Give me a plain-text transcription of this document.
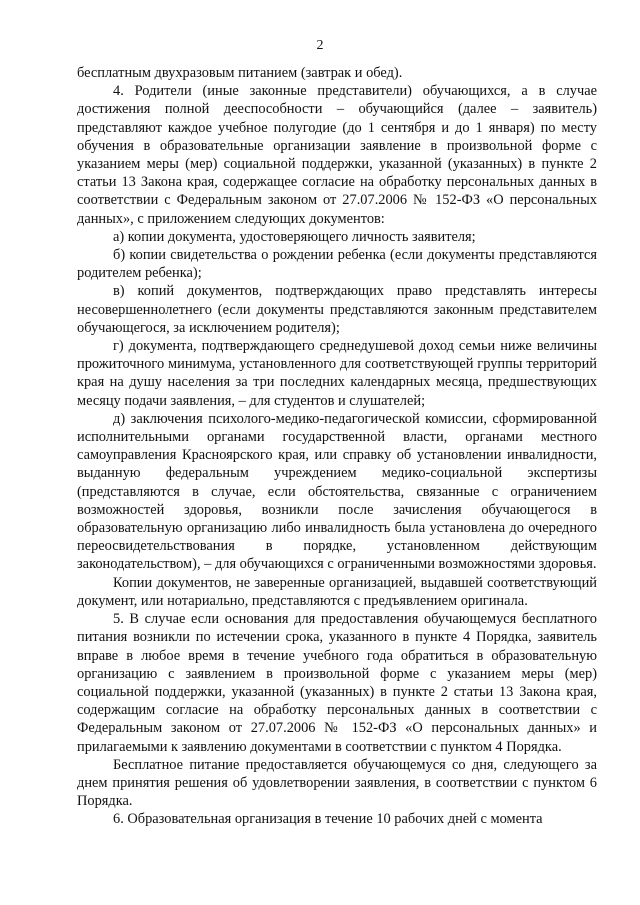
2

бесплатным двухразовым питанием (завтрак и обед).

4. Родители (иные законные представители) обучающихся, а в случае достижения полной дееспособности – обучающийся (далее – заявитель) представляют каждое учебное полугодие (до 1 сентября и до 1 января) по месту обучения в образовательные организации заявление в произвольной форме с указанием меры (мер) социальной поддержки, указанной (указанных) в пункте 2 статьи 13 Закона края, содержащее согласие на обработку персональных данных в соответствии с Федеральным законом от 27.07.2006 № 152-ФЗ «О персональных данных», с приложением следующих документов:

а) копии документа, удостоверяющего личность заявителя;

б) копии свидетельства о рождении ребенка (если документы представляются родителем ребенка);

в) копий документов, подтверждающих право представлять интересы несовершеннолетнего (если документы представляются законным представителем обучающегося, за исключением родителя);

г) документа, подтверждающего среднедушевой доход семьи ниже величины прожиточного минимума, установленного для соответствующей группы территорий края на душу населения за три последних календарных месяца, предшествующих месяцу подачи заявления, – для студентов и слушателей;

д) заключения психолого-медико-педагогической комиссии, сформированной исполнительными органами государственной власти, органами местного самоуправления Красноярского края, или справку об установлении инвалидности, выданную федеральным учреждением медико-социальной экспертизы (представляются в случае, если обстоятельства, связанные с ограничением возможностей здоровья, возникли после зачисления обучающегося в образовательную организацию либо инвалидность была установлена до очередного переосвидетельствования в порядке, установленном действующим законодательством), – для обучающихся с ограниченными возможностями здоровья.

Копии документов, не заверенные организацией, выдавшей соответствующий документ, или нотариально, представляются с предъявлением оригинала.

5. В случае если основания для предоставления обучающемуся бесплатного питания возникли по истечении срока, указанного в пункте 4 Порядка, заявитель вправе в любое время в течение учебного года обратиться в образовательную организацию с заявлением в произвольной форме с указанием меры (мер) социальной поддержки, указанной (указанных) в пункте 2 статьи 13 Закона края, содержащим согласие на обработку персональных данных в соответствии с Федеральным законом от 27.07.2006 № 152-ФЗ «О персональных данных» и прилагаемыми к заявлению документами в соответствии с пунктом 4 Порядка.

Бесплатное питание предоставляется обучающемуся со дня, следующего за днем принятия решения об удовлетворении заявления, в соответствии с пунктом 6 Порядка.

6. Образовательная организация в течение 10 рабочих дней с момента
